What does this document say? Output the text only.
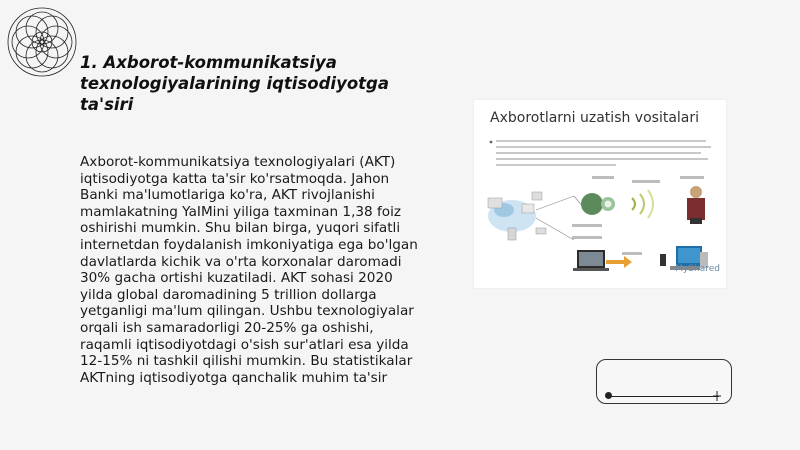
1. Axborot-kommunikatsiya texnologiyalarining iqtisodiyotga ta'siri

Axborot-kommunikatsiya texnologiyalari (AKT) iqtisodiyotga katta ta'sir ko'rsatmoqda. Jahon Banki ma'lumotlariga ko'ra, AKT rivojlanishi mamlakatning YaIMini yiliga taxminan 1,38 foiz oshirishi mumkin. Shu bilan birga, yuqori sifatli internetdan foydalanish imkoniyatiga ega bo'lgan davlatlarda kichik va o'rta korxonalar daromadi 30% gacha ortishi kuzatiladi. AKT sohasi 2020 yilda global daromadining 5 trillion dollarga yetganligi ma'lum qilingan. Ushbu texnologiyalar orqali ish samaradorligi 20-25% ga oshishi, raqamli iqtisodiyotdagi o'sish sur'atlari esa yilda 12-15% ni tashkil qilishi mumkin. Bu statistikalar AKTning iqtisodiyotga qanchalik muhim ta'sir

Axborotlarni uzatish vositalari
MyShared
